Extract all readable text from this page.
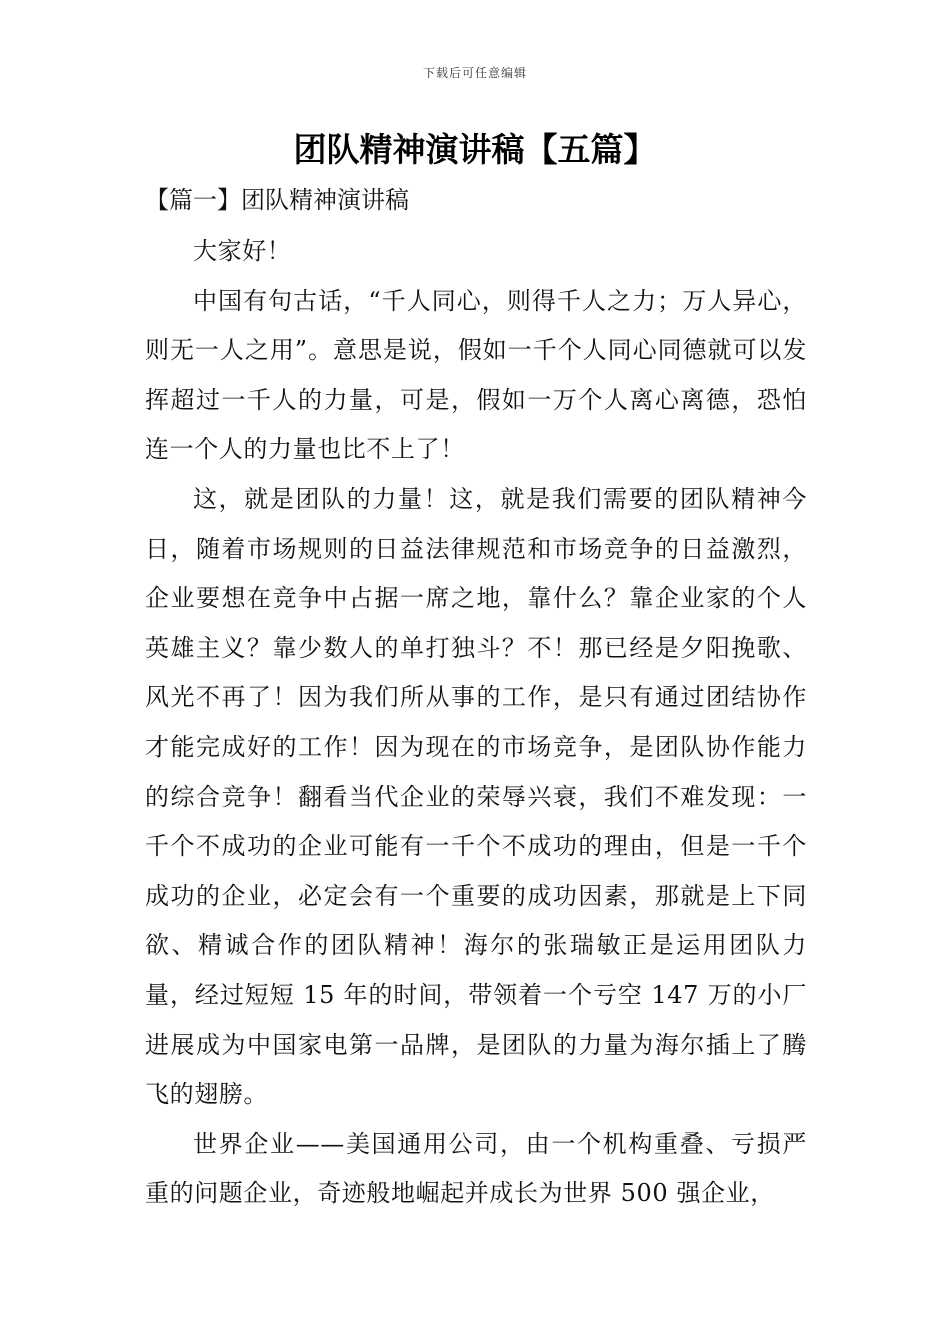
下载后可任意编辑
团队精神演讲稿【五篇】
【篇一】团队精神演讲稿

大家好！

中国有句古话，“千人同心，则得千人之力；万人异心，则无一人之用”。意思是说，假如一千个人同心同德就可以发挥超过一千人的力量，可是，假如一万个人离心离德，恐怕连一个人的力量也比不上了！

这，就是团队的力量！这，就是我们需要的团队精神今日，随着市场规则的日益法律规范和市场竞争的日益激烈，企业要想在竞争中占据一席之地，靠什么？靠企业家的个人英雄主义？靠少数人的单打独斗？不！那已经是夕阳挽歌、风光不再了！因为我们所从事的工作，是只有通过团结协作才能完成好的工作！因为现在的市场竞争，是团队协作能力的综合竞争！翻看当代企业的荣辱兴衰，我们不难发现：一千个不成功的企业可能有一千个不成功的理由，但是一千个成功的企业，必定会有一个重要的成功因素，那就是上下同欲、精诚合作的团队精神！海尔的张瑞敏正是运用团队力量，经过短短 15 年的时间，带领着一个亏空 147 万的小厂进展成为中国家电第一品牌，是团队的力量为海尔插上了腾飞的翅膀。

世界企业——美国通用公司，由一个机构重叠、亏损严重的问题企业，奇迹般地崛起并成长为世界 500 强企业，
